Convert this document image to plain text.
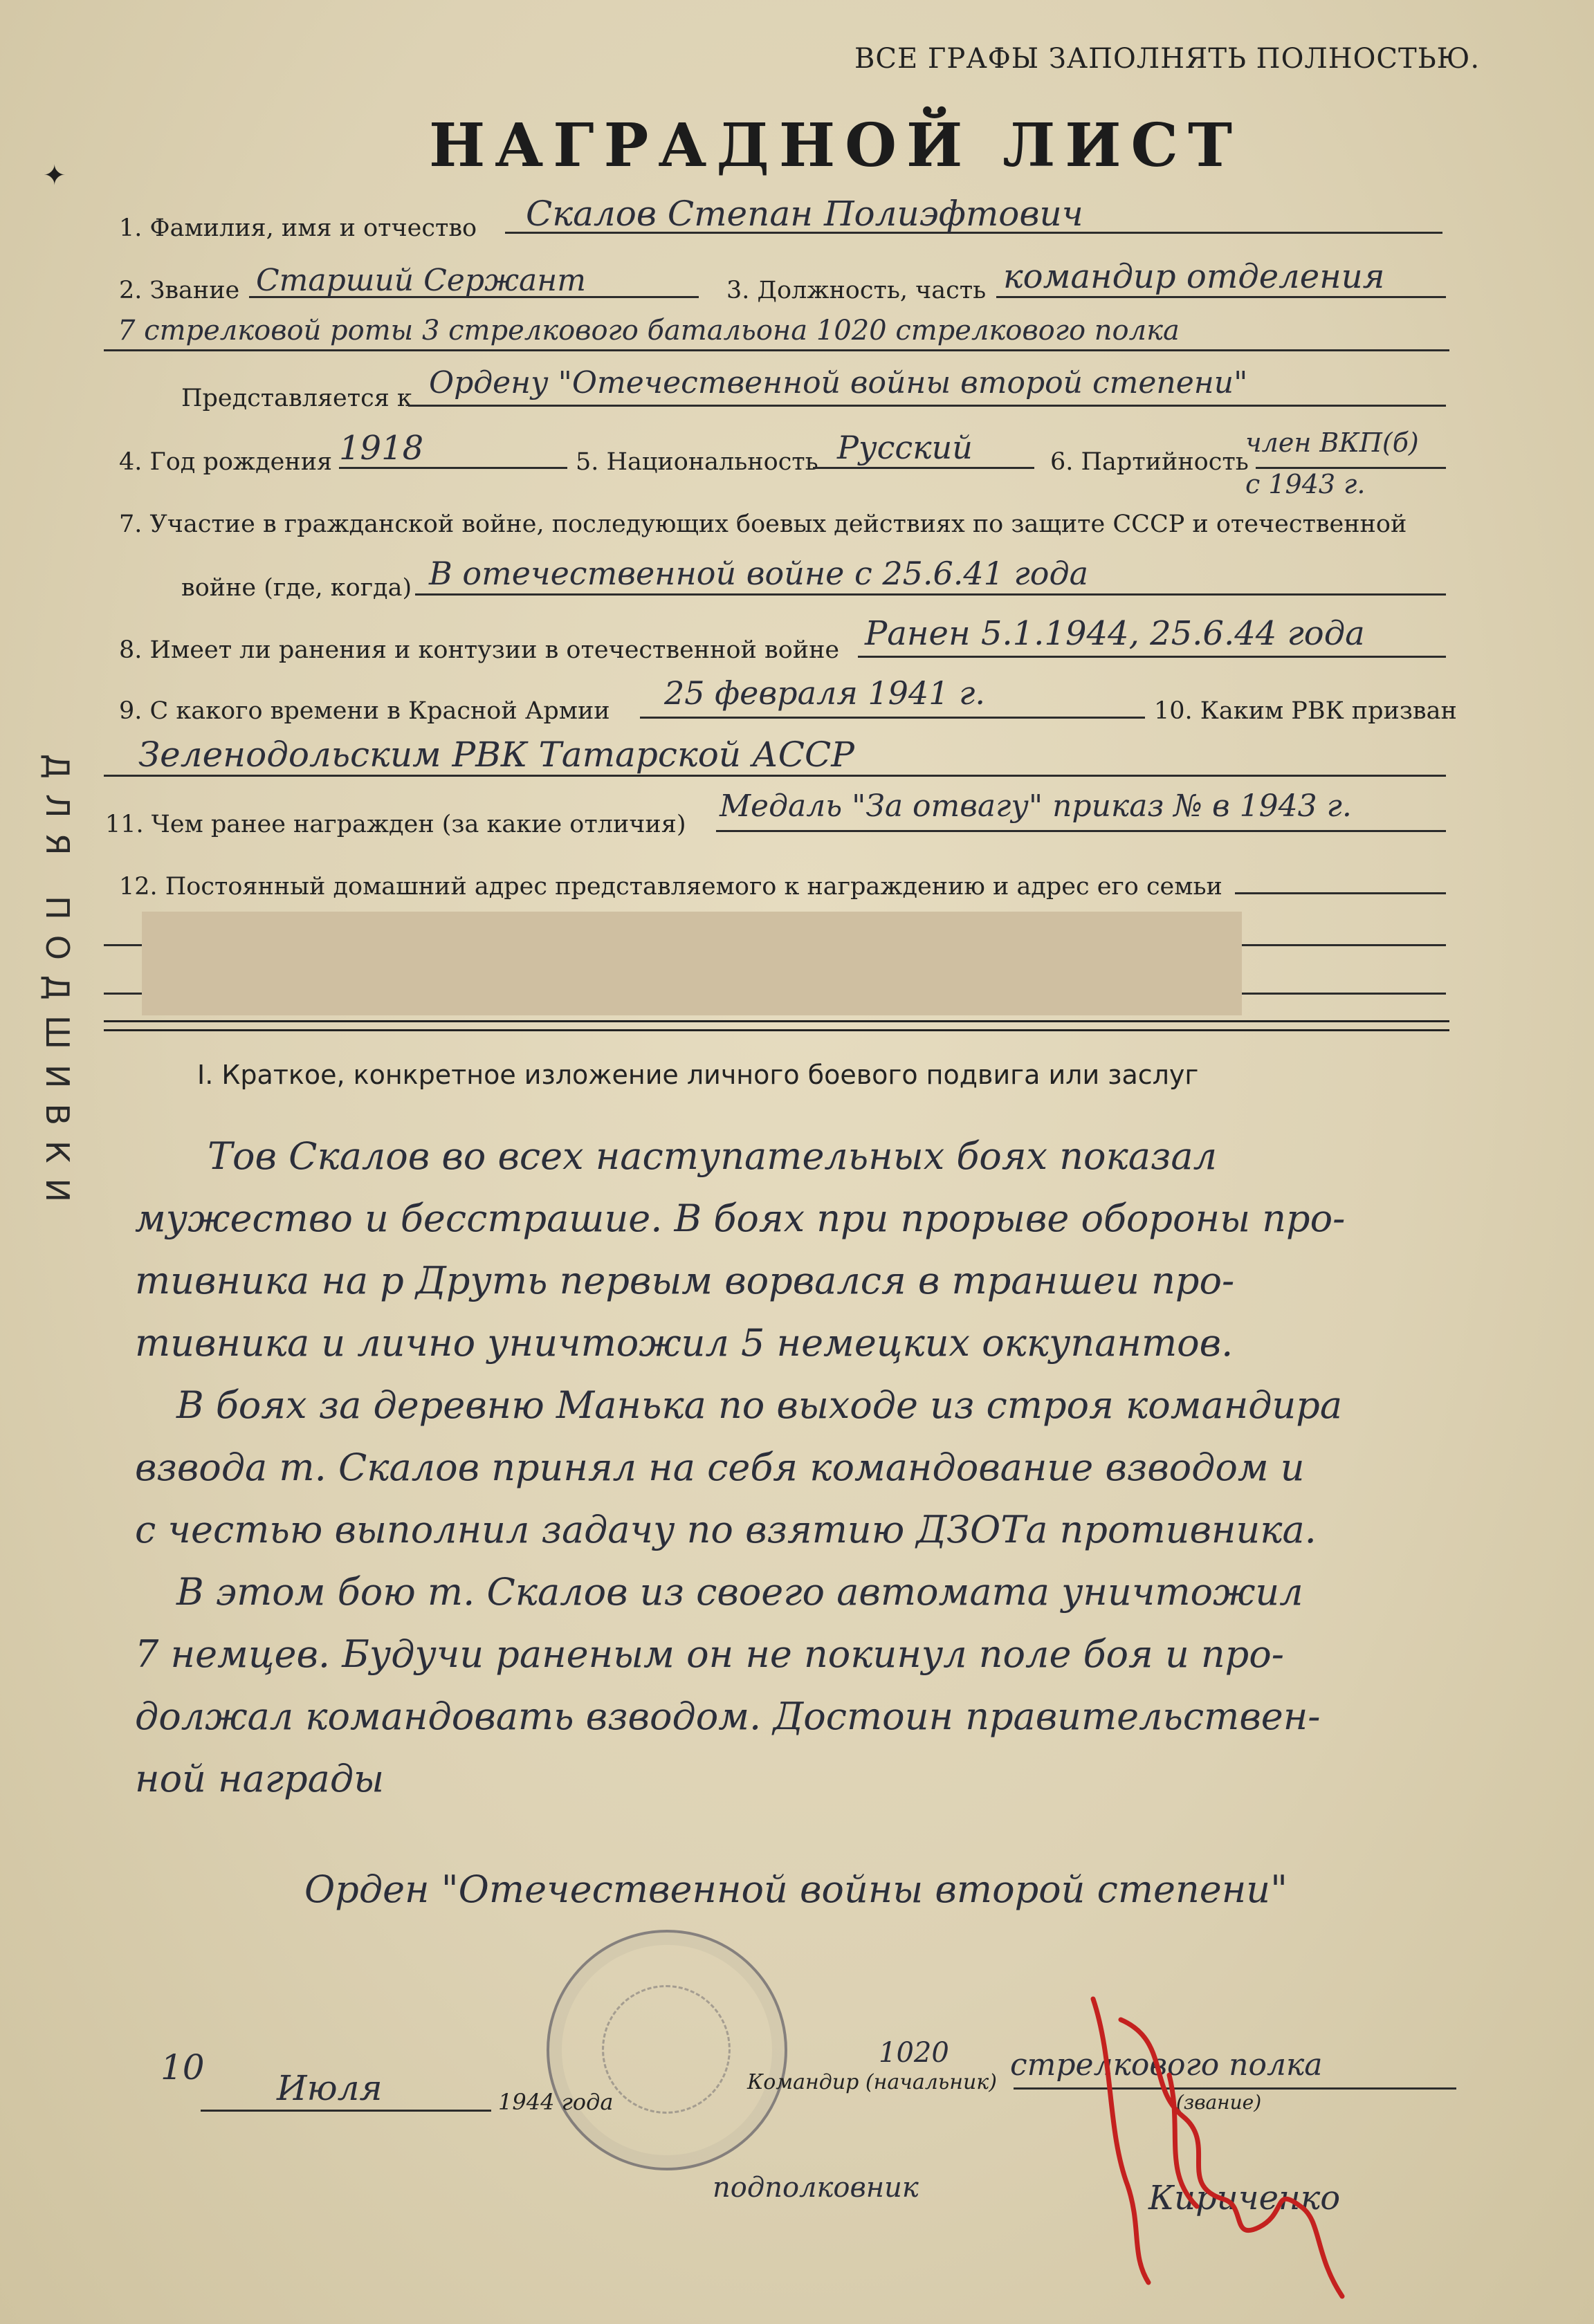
ВСЕ ГРАФЫ ЗАПОЛНЯТЬ ПОЛНОСТЬЮ.
НАГРАДНОЙ ЛИСТ
ДЛЯ ПОДШИВКИ
✦
1. Фамилия, имя и отчество Скалов Степан Полиэфтович
2. Звание Старший Сержант	3. Должность, часть командир отделения
7 стрелковой роты 3 стрелкового батальона 1020 стрелкового полка
Представляется к Ордену "Отечественной войны второй степени"
4. Год рождения 1918	5. Национальность Русский	6. Партийность
член ВКП(б) с 1943 г.
7. Участие в гражданской войне, последующих боевых действиях по защите СССР и отечественной
войне (где, когда) В отечественной войне с 25.6.41 года
8. Имеет ли ранения и контузии в отечественной войне Ранен 5.1.1944, 25.6.44 года
9. С какого времени в Красной Армии 25 февраля 1941 г.	10. Каким РВК призван
Зеленодольским РВК Татарской АССР
11. Чем ранее награжден (за какие отличия)
Медаль "За отвагу" приказ № в 1943 г.
12. Постоянный домашний адрес представляемого к награждению и адрес его семьи
I. Краткое, конкретное изложение личного боевого подвига или заслуг
Тов Скалов во всех наступательных боях показал
мужество и бесстрашие. В боях при прорыве обороны про-
тивника на р Друть первым ворвался в траншеи про-
тивника и лично уничтожил 5 немецких оккупантов.
В боях за деревню Манька по выходе из строя командира
взвода т. Скалов принял на себя командование взводом и
с честью выполнил задачу по взятию ДЗОТа противника.
В этом бою т. Скалов из своего автомата уничтожил
7 немцев. Будучи раненым он не покинул поле боя и про-
должал командовать взводом. Достоин правительствен-
ной награды
Орден "Отечественной войны второй степени"
10
Июля	1944 года
1020
Командир (начальник) стрелкового полка
(звание)
подполковник	Кириченко
